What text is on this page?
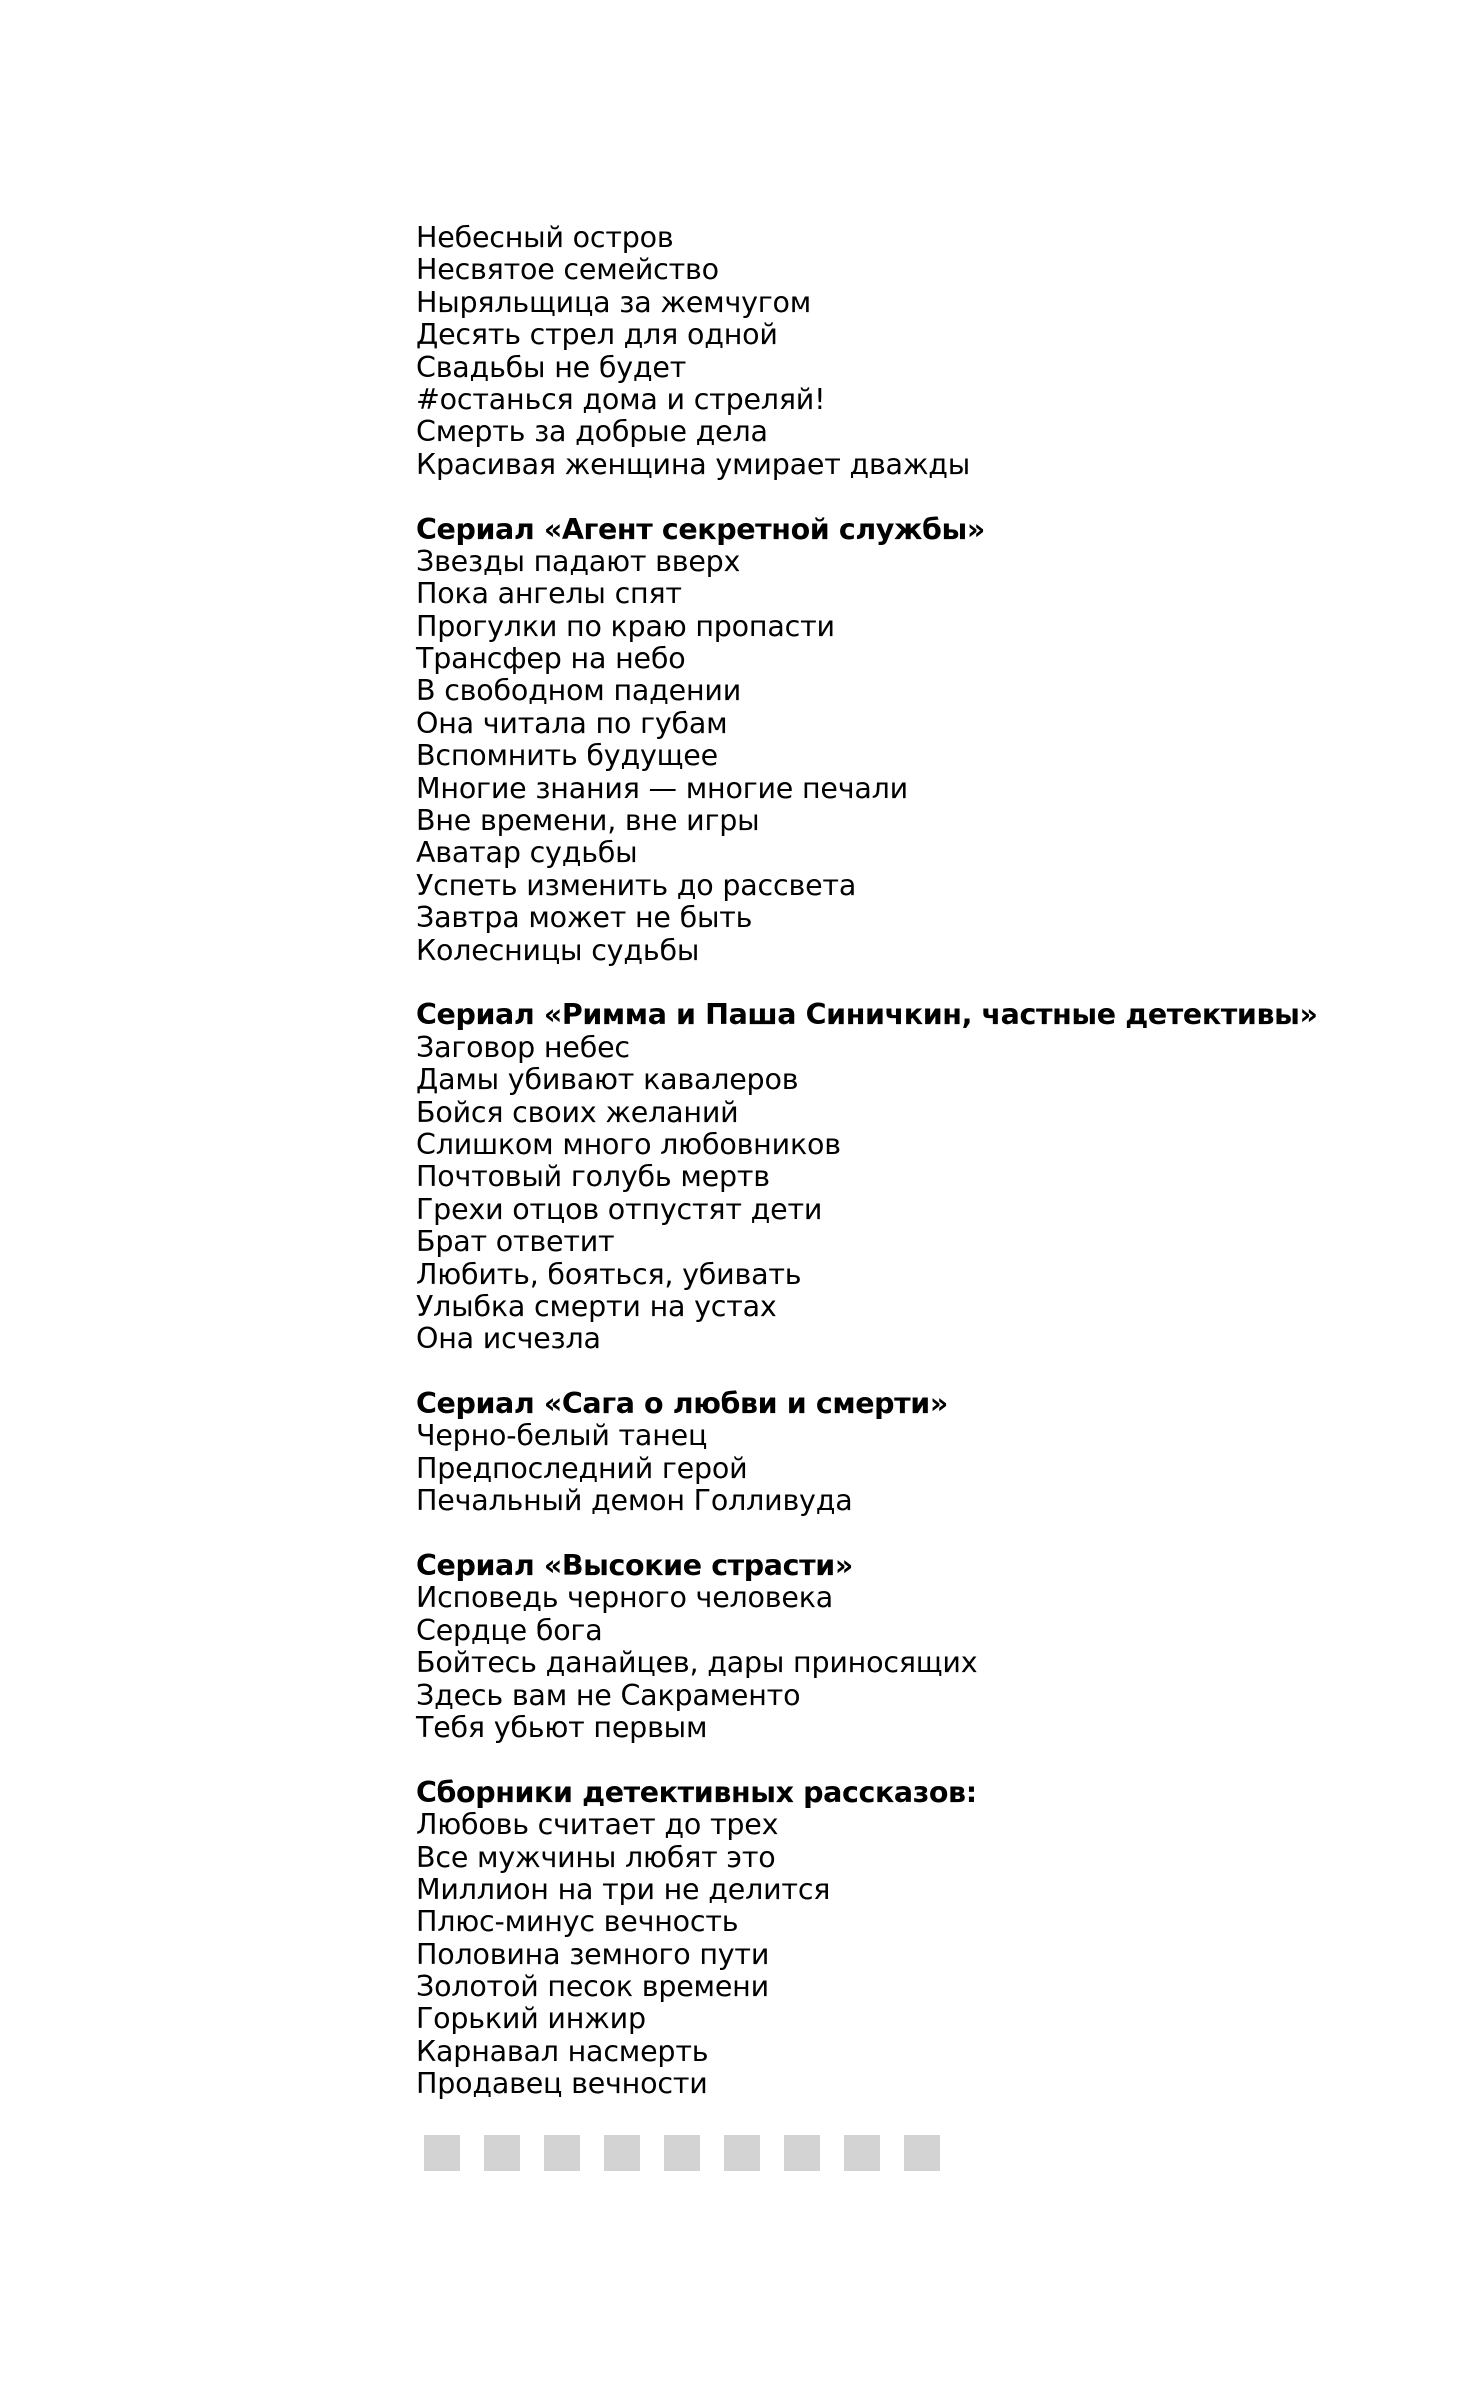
Небесный остров
Несвятое семейство
Ныряльщица за жемчугом
Десять стрел для одной
Свадьбы не будет
#останься дома и стреляй!
Смерть за добрые дела
Красивая женщина умирает дважды
Сериал «Агент секретной службы»
Звезды падают вверх
Пока ангелы спят
Прогулки по краю пропасти
Трансфер на небо
В свободном падении
Она читала по губам
Вспомнить будущее
Многие знания — многие печали
Вне времени, вне игры
Аватар судьбы
Успеть изменить до рассвета
Завтра может не быть
Колесницы судьбы
Сериал «Римма и Паша Синичкин, частные детективы»
Заговор небес
Дамы убивают кавалеров
Бойся своих желаний
Слишком много любовников
Почтовый голубь мертв
Грехи отцов отпустят дети
Брат ответит
Любить, бояться, убивать
Улыбка смерти на устах
Она исчезла
Сериал «Сага о любви и смерти»
Черно-белый танец
Предпоследний герой
Печальный демон Голливуда
Сериал «Высокие страсти»
Исповедь черного человека
Сердце бога
Бойтесь данайцев, дары приносящих
Здесь вам не Сакраменто
Тебя убьют первым
Сборники детективных рассказов:
Любовь считает до трех
Все мужчины любят это
Миллион на три не делится
Плюс-минус вечность
Половина земного пути
Золотой песок времени
Горький инжир
Карнавал насмерть
Продавец вечности
